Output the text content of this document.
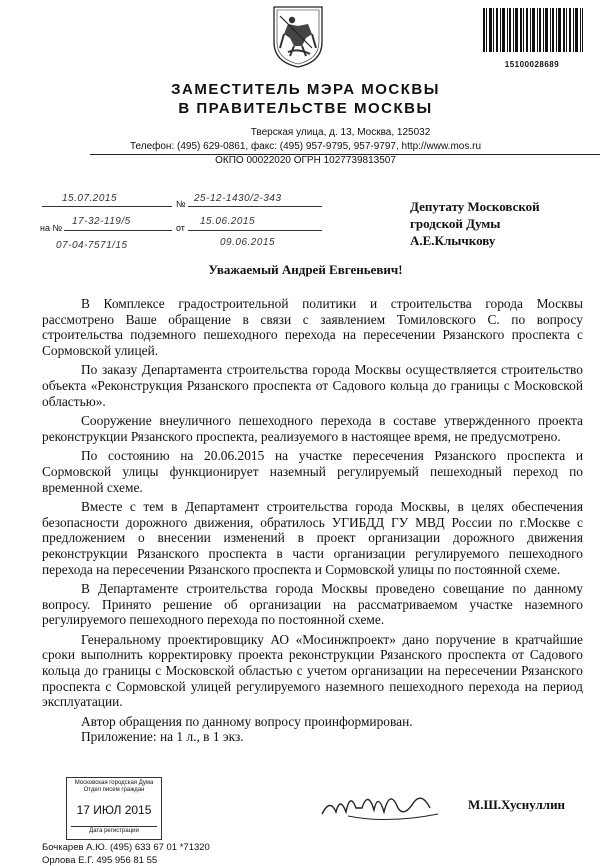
15100028689
ЗАМЕСТИТЕЛЬ МЭРА МОСКВЫ
В ПРАВИТЕЛЬСТВЕ МОСКВЫ
Тверская улица, д. 13, Москва, 125032
Телефон: (495) 629-0861, факс: (495) 957-9795, 957-9797, http://www.mos.ru
ОКПО 00022020 ОГРН 1027739813507
15.07.2015	№ 25-12-1430/2-343
на №
17-32-119/5
от
15.06.2015
07-04-7571/15	09.06.2015
Депутату Московской
гродской Думы
А.Е.Клычкову
Уважаемый Андрей Евгеньевич!

В Комплексе градостроительной политики и строительства города Москвы рассмотрено Ваше обращение в связи с заявлением Томиловского С. по вопросу строительства подземного пешеходного перехода на пересечении Рязанского проспекта с Сормовской улицей.

По заказу Департамента строительства города Москвы осуществляется строительство объекта «Реконструкция Рязанского проспекта от Садового кольца до границы с Московской областью».

Сооружение внеуличного пешеходного перехода в составе утвержденного проекта реконструкции Рязанского проспекта, реализуемого в настоящее время, не предусмотрено.

По состоянию на 20.06.2015 на участке пересечения Рязанского проспекта и Сормовской улицы функционирует наземный регулируемый пешеходный переход по временной схеме.

Вместе с тем в Департамент строительства города Москвы, в целях обеспечения безопасности дорожного движения, обратилось УГИБДД ГУ МВД России по г.Москве с предложением о внесении изменений в проект организации дорожного движения реконструкции Рязанского проспекта в части организации регулируемого пешеходного перехода на пересечении Рязанского проспекта и Сормовской улицы по постоянной схеме.

В Департаменте строительства города Москвы проведено совещание по данному вопросу. Принято решение об организации на рассматриваемом участке наземного регулируемого пешеходного перехода по постоянной схеме.

Генеральному проектировщику АО «Мосинжпроект» дано поручение в кратчайшие сроки выполнить корректировку проекта реконструкции Рязанского проспекта от Садового кольца до границы с Московской областью с учетом организации на пересечении Рязанского проспекта с Сормовской улицей регулируемого наземного пешеходного перехода на период эксплуатации.

Автор обращения по данному вопросу проинформирован.

Приложение: на 1 л., в 1 экз.

Московская городская Дума
Отдел писем граждан
17 ИЮЛ 2015
Дата регистрации
М.Ш.Хуснуллин
Бочкарев А.Ю. (495) 633 67 01 *71320
Орлова Е.Г. 495 956 81 55
